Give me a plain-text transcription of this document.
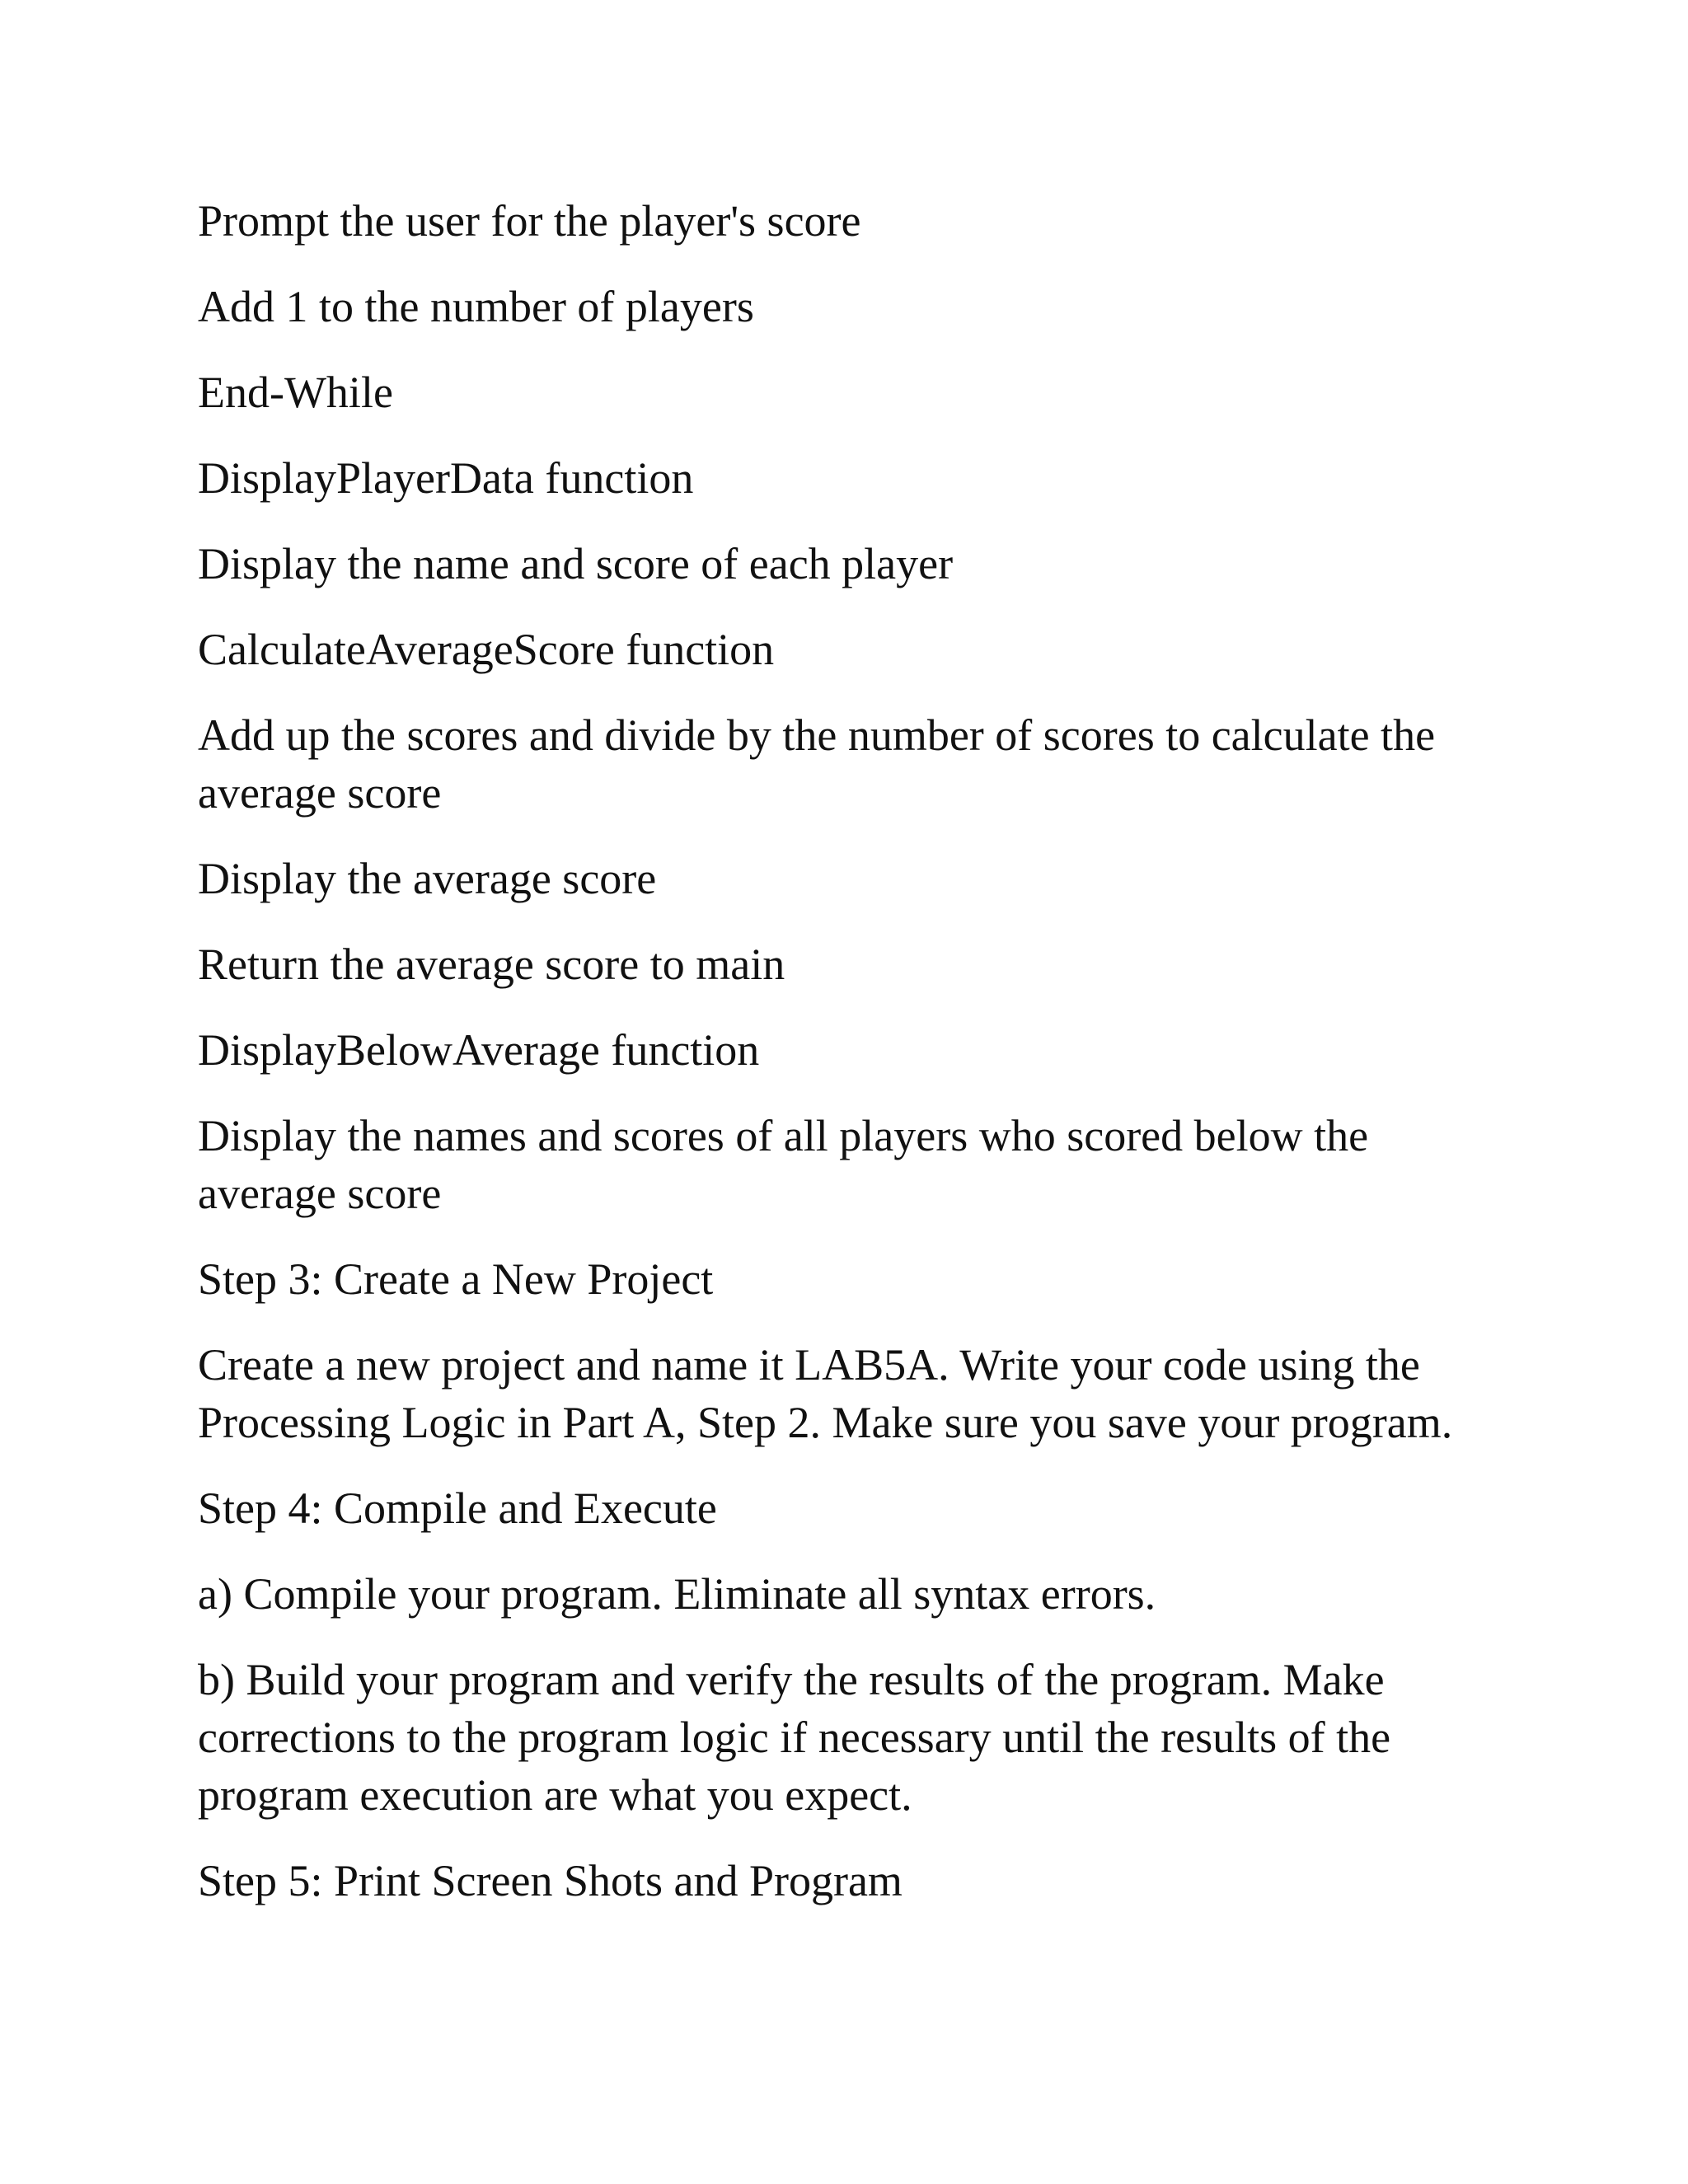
Prompt the user for the player's score

Add 1 to the number of players

End-While

DisplayPlayerData function

Display the name and score of each player

CalculateAverageScore function

Add up the scores and divide by the number of scores to calculate the average score

Display the average score

Return the average score to main

DisplayBelowAverage function

Display the names and scores of all players who scored below the average score

Step 3: Create a New Project

Create a new project and name it LAB5A. Write your code using the Processing Logic in Part A, Step 2. Make sure you save your program.

Step 4: Compile and Execute

a) Compile your program. Eliminate all syntax errors.

b) Build your program and verify the results of the program. Make corrections to the program logic if necessary until the results of the program execution are what you expect.

Step 5: Print Screen Shots and Program
